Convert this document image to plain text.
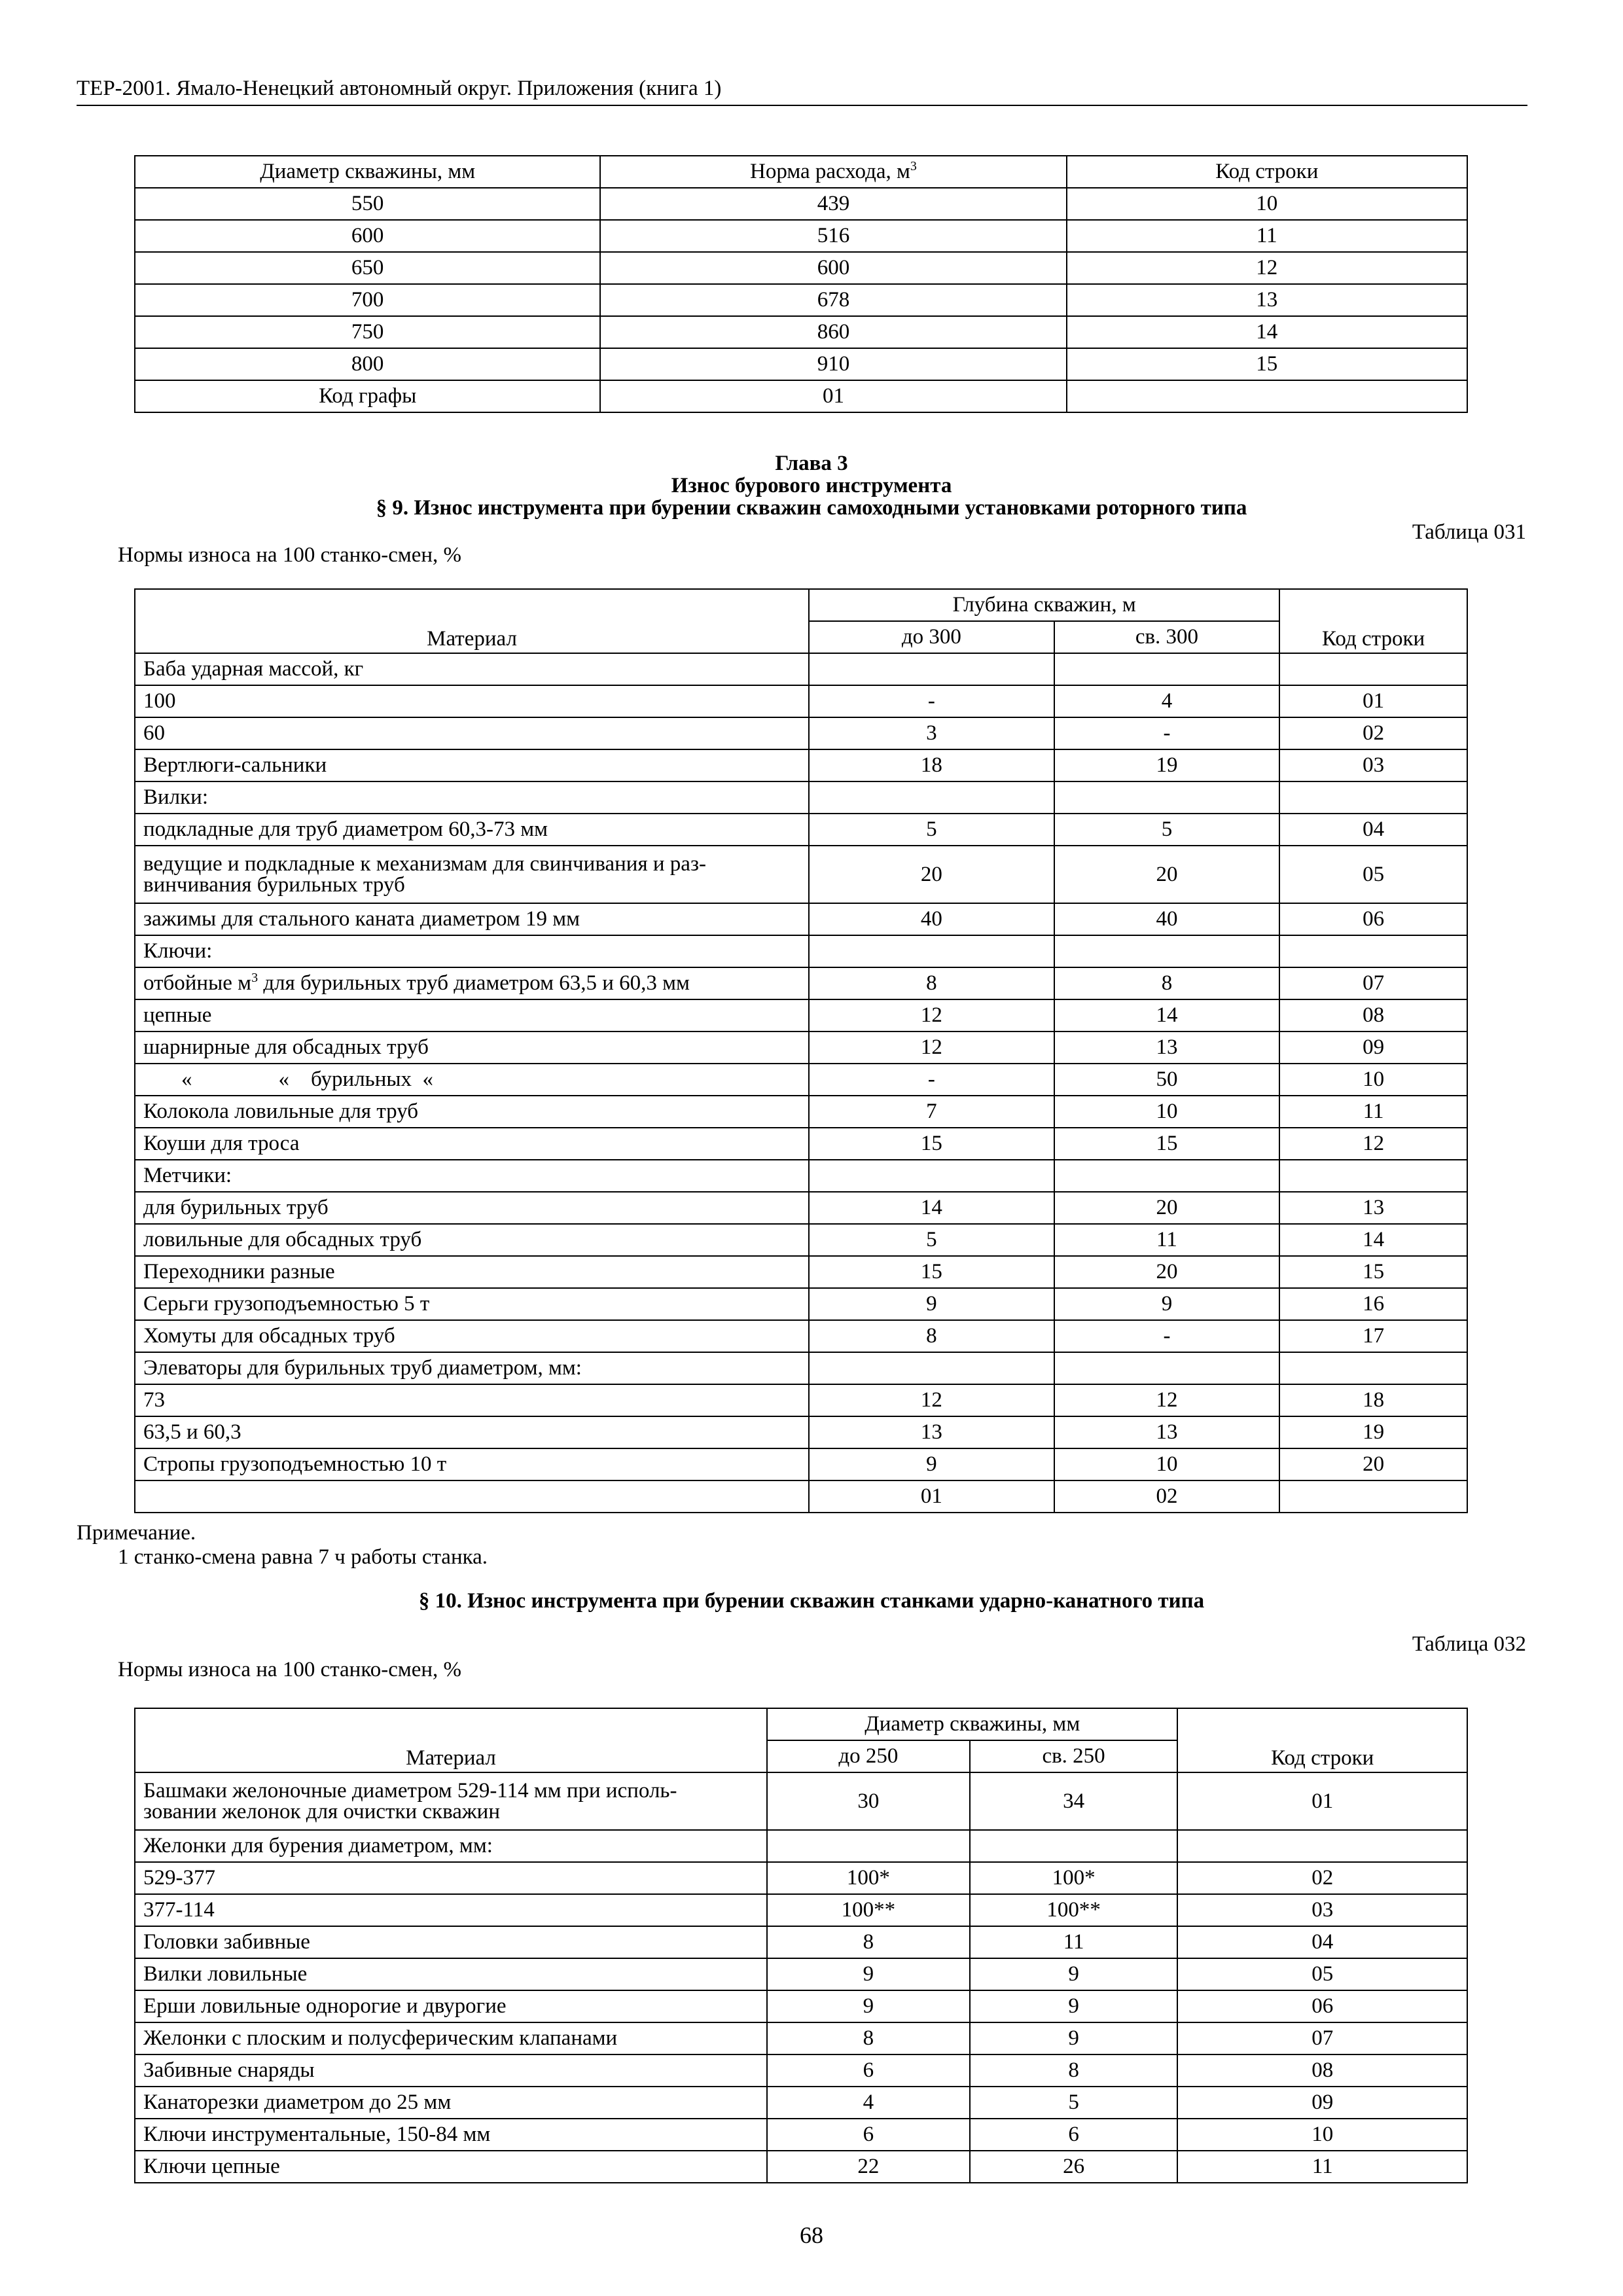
ТЕР-2001. Ямало-Ненецкий автономный округ. Приложения (книга 1)
Диаметр скважины, мм	Норма расхода, $м^3$	Код строки
550	439	10
600	516	11
650	600	12
700	678	13
750	860	14
800	910	15
Код графы	01	
Глава 3
Износ бурового инструмента
§ 9. Износ инструмента при бурении скважин самоходными установками роторного типа
Таблица 031
Нормы износа на 100 станко-смен, %
Материал	Глубина скважин, м		Код строки
	до 300	св. 300	
Баба ударная массой, кг			
100	-	4	01
60	3	-	02
Вертлюги-сальники	18	19	03
Вилки:			
подкладные для труб диаметром 60,3-73 мм	5	5	04
ведущие и подкладные к механизмам для свинчивания и раз-
винчивания бурильных труб	20	20	05
зажимы для стального каната диаметром 19 мм	40	40	06
Ключи:			
отбойные $м^3$ для бурильных труб диаметром 63,5 и 60,3 мм	8	8	07
цепные	12	14	08
шарнирные для обсадных труб	12	13	09
«                «    бурильных  «	-	50	10
Колокола ловильные для труб	7	10	11
Коуши для троса	15	15	12
Метчики:			
для бурильных труб	14	20	13
ловильные для обсадных труб	5	11	14
Переходники разные	15	20	15
Серьги грузоподъемностью 5 т	9	9	16
Хомуты для обсадных труб	8	-	17
Элеваторы для бурильных труб диаметром, мм:			
73	12	12	18
63,5 и 60,3	13	13	19
Стропы грузоподъемностью 10 т	9	10	20
	01	02	
Примечание.
1 станко-смена равна 7 ч работы станка.
§ 10. Износ инструмента при бурении скважин станками ударно-канатного типа
Таблица 032
Нормы износа на 100 станко-смен, %
Материал	Диаметр скважины, мм		Код строки
	до 250	св. 250	
Башмаки желоночные диаметром 529-114 мм при исполь-
зовании желонок для очистки скважин	30	34	01
Желонки для бурения диаметром, мм:			
529-377	100*	100*	02
377-114	100**	100**	03
Головки забивные	8	11	04
Вилки ловильные	9	9	05
Ерши ловильные однорогие и двурогие	9	9	06
Желонки с плоским и полусферическим клапанами	8	9	07
Забивные снаряды	6	8	08
Канаторезки диаметром до 25 мм	4	5	09
Ключи инструментальные, 150-84 мм	6	6	10
Ключи цепные	22	26	11
68
